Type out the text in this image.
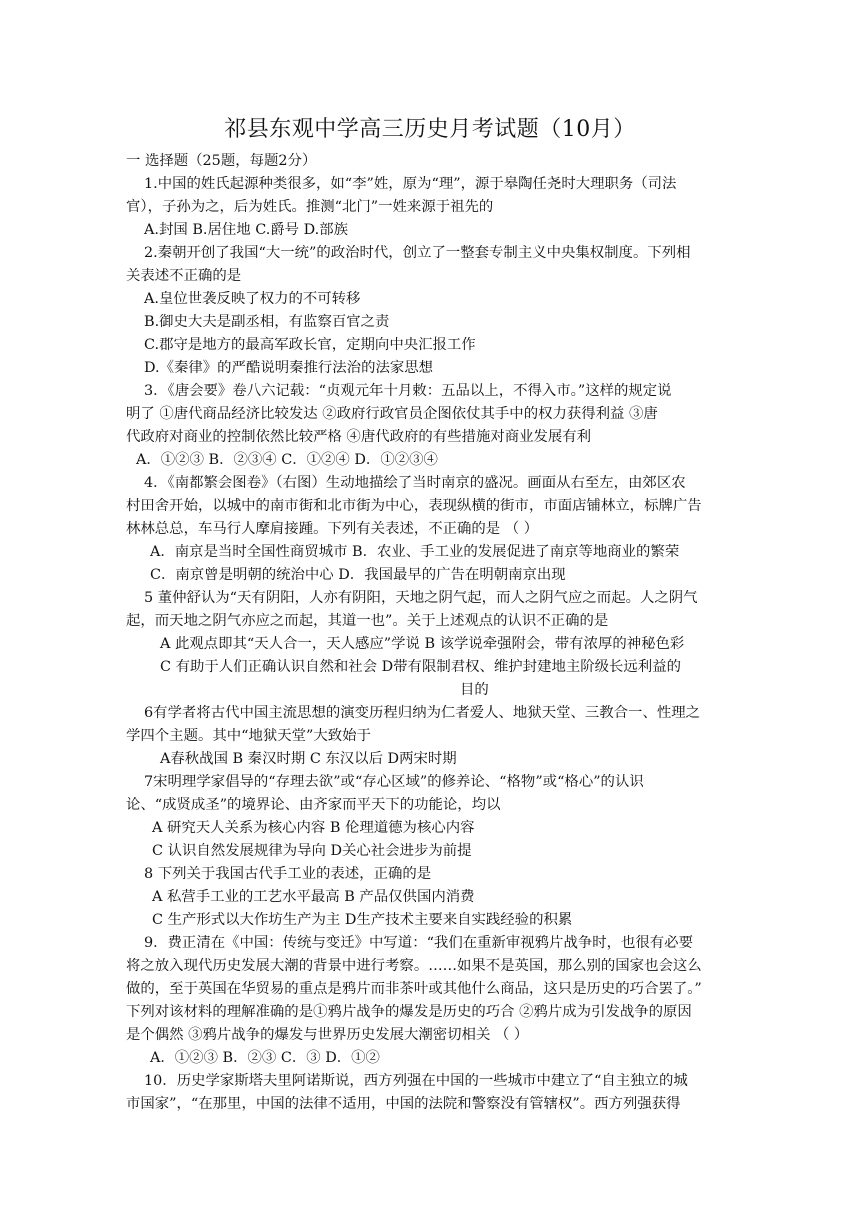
祁县东观中学高三历史月考试题（10月）
一 选择题（25题，每题2分）
1.中国的姓氏起源种类很多，如“李”姓，原为“理”，源于皋陶任尧时大理职务（司法
官），子孙为之，后为姓氏。推测“北门”一姓来源于祖先的
A.封国 B.居住地 C.爵号 D.部族
2.秦朝开创了我国“大一统”的政治时代，创立了一整套专制主义中央集权制度。下列相
关表述不正确的是
A.皇位世袭反映了权力的不可转移
B.御史大夫是副丞相，有监察百官之责
C.郡守是地方的最高军政长官，定期向中央汇报工作
D.《秦律》的严酷说明秦推行法治的法家思想
3．《唐会要》卷八六记载：“贞观元年十月敕：五品以上，不得入市。”这样的规定说
明了 ①唐代商品经济比较发达 ②政府行政官员企图依仗其手中的权力获得利益 ③唐
代政府对商业的控制依然比较严格 ④唐代政府的有些措施对商业发展有利
A．①②③ B．②③④ C．①②④ D．①②③④
4．《南都繁会图卷》（右图）生动地描绘了当时南京的盛况。画面从右至左，由郊区农
村田舍开始，以城中的南市街和北市街为中心，表现纵横的街市，市面店铺林立，标牌广告
林林总总，车马行人摩肩接踵。下列有关表述，不正确的是 （ ）
A．南京是当时全国性商贸城市 B．农业、手工业的发展促进了南京等地商业的繁荣
C．南京曾是明朝的统治中心 D．我国最早的广告在明朝南京出现
5 董仲舒认为“天有阴阳，人亦有阴阳，天地之阴气起，而人之阴气应之而起。人之阴气
起，而天地之阴气亦应之而起，其道一也”。关于上述观点的认识不正确的是
A 此观点即其“天人合一，天人感应”学说 B 该学说牵强附会，带有浓厚的神秘色彩
C 有助于人们正确认识自然和社会 D带有限制君权、维护封建地主阶级长远利益的
目的
6有学者将古代中国主流思想的演变历程归纳为仁者爱人、地狱天堂、三教合一、性理之
学四个主题。其中“地狱天堂”大致始于
A春秋战国 B 秦汉时期 C 东汉以后 D两宋时期
7宋明理学家倡导的“存理去欲”或“存心区域”的修养论、“格物”或“格心”的认识
论、“成贤成圣”的境界论、由齐家而平天下的功能论，均以
A 研究天人关系为核心内容 B 伦理道德为核心内容
C 认识自然发展规律为导向 D关心社会进步为前提
8 下列关于我国古代手工业的表述，正确的是
A 私营手工业的工艺水平最高 B 产品仅供国内消费
C 生产形式以大作坊生产为主 D生产技术主要来自实践经验的积累
9．费正清在《中国：传统与变迁》中写道：“我们在重新审视鸦片战争时，也很有必要
将之放入现代历史发展大潮的背景中进行考察。……如果不是英国，那么别的国家也会这么
做的，至于英国在华贸易的重点是鸦片而非茶叶或其他什么商品，这只是历史的巧合罢了。”
下列对该材料的理解准确的是①鸦片战争的爆发是历史的巧合 ②鸦片成为引发战争的原因
是个偶然 ③鸦片战争的爆发与世界历史发展大潮密切相关 （ ）
A．①②③ B．②③ C．③ D．①②
10．历史学家斯塔夫里阿诺斯说，西方列强在中国的一些城市中建立了“自主独立的城
市国家”，“在那里，中国的法律不适用，中国的法院和警察没有管辖权”。西方列强获得
